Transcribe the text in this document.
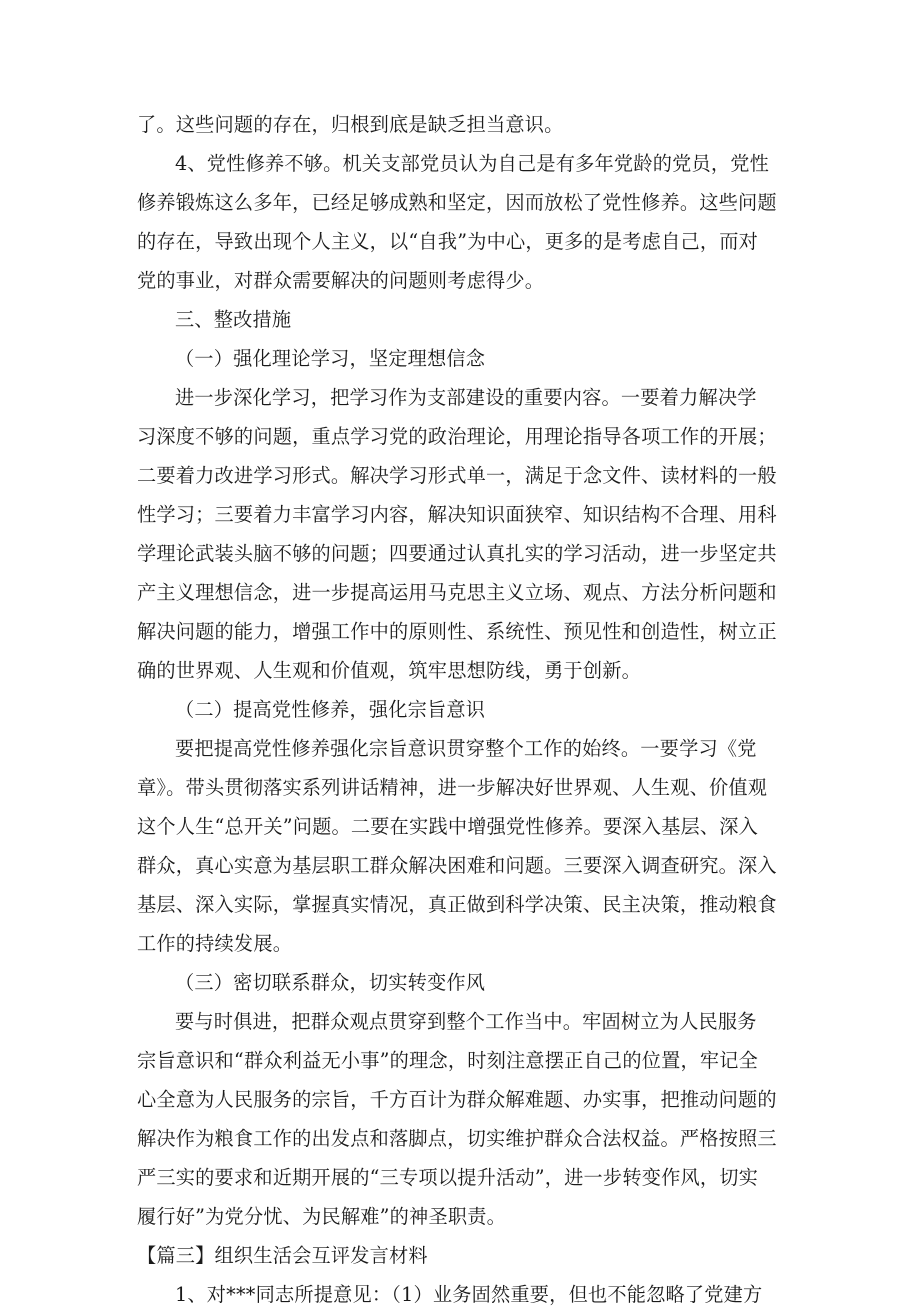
了。这些问题的存在，归根到底是缺乏担当意识。
4、党性修养不够。机关支部党员认为自己是有多年党龄的党员，党性
修养锻炼这么多年，已经足够成熟和坚定，因而放松了党性修养。这些问题
的存在，导致出现个人主义，以“自我”为中心，更多的是考虑自己，而对
党的事业，对群众需要解决的问题则考虑得少。
三、整改措施
（一）强化理论学习，坚定理想信念
进一步深化学习，把学习作为支部建设的重要内容。一要着力解决学
习深度不够的问题，重点学习党的政治理论，用理论指导各项工作的开展；
二要着力改进学习形式。解决学习形式单一，满足于念文件、读材料的一般
性学习；三要着力丰富学习内容，解决知识面狭窄、知识结构不合理、用科
学理论武装头脑不够的问题；四要通过认真扎实的学习活动，进一步坚定共
产主义理想信念，进一步提高运用马克思主义立场、观点、方法分析问题和
解决问题的能力，增强工作中的原则性、系统性、预见性和创造性，树立正
确的世界观、人生观和价值观，筑牢思想防线，勇于创新。
（二）提高党性修养，强化宗旨意识
要把提高党性修养强化宗旨意识贯穿整个工作的始终。一要学习《党
章》。带头贯彻落实系列讲话精神，进一步解决好世界观、人生观、价值观
这个人生“总开关”问题。二要在实践中增强党性修养。要深入基层、深入
群众，真心实意为基层职工群众解决困难和问题。三要深入调查研究。深入
基层、深入实际，掌握真实情况，真正做到科学决策、民主决策，推动粮食
工作的持续发展。
（三）密切联系群众，切实转变作风
要与时俱进，把群众观点贯穿到整个工作当中。牢固树立为人民服务
宗旨意识和“群众利益无小事”的理念，时刻注意摆正自己的位置，牢记全
心全意为人民服务的宗旨，千方百计为群众解难题、办实事，把推动问题的
解决作为粮食工作的出发点和落脚点，切实维护群众合法权益。严格按照三
严三实的要求和近期开展的“三专项以提升活动”，进一步转变作风，切实
履行好”为党分忧、为民解难”的神圣职责。
【篇三】组织生活会互评发言材料
1、对***同志所提意见：（1）业务固然重要，但也不能忽略了党建方
